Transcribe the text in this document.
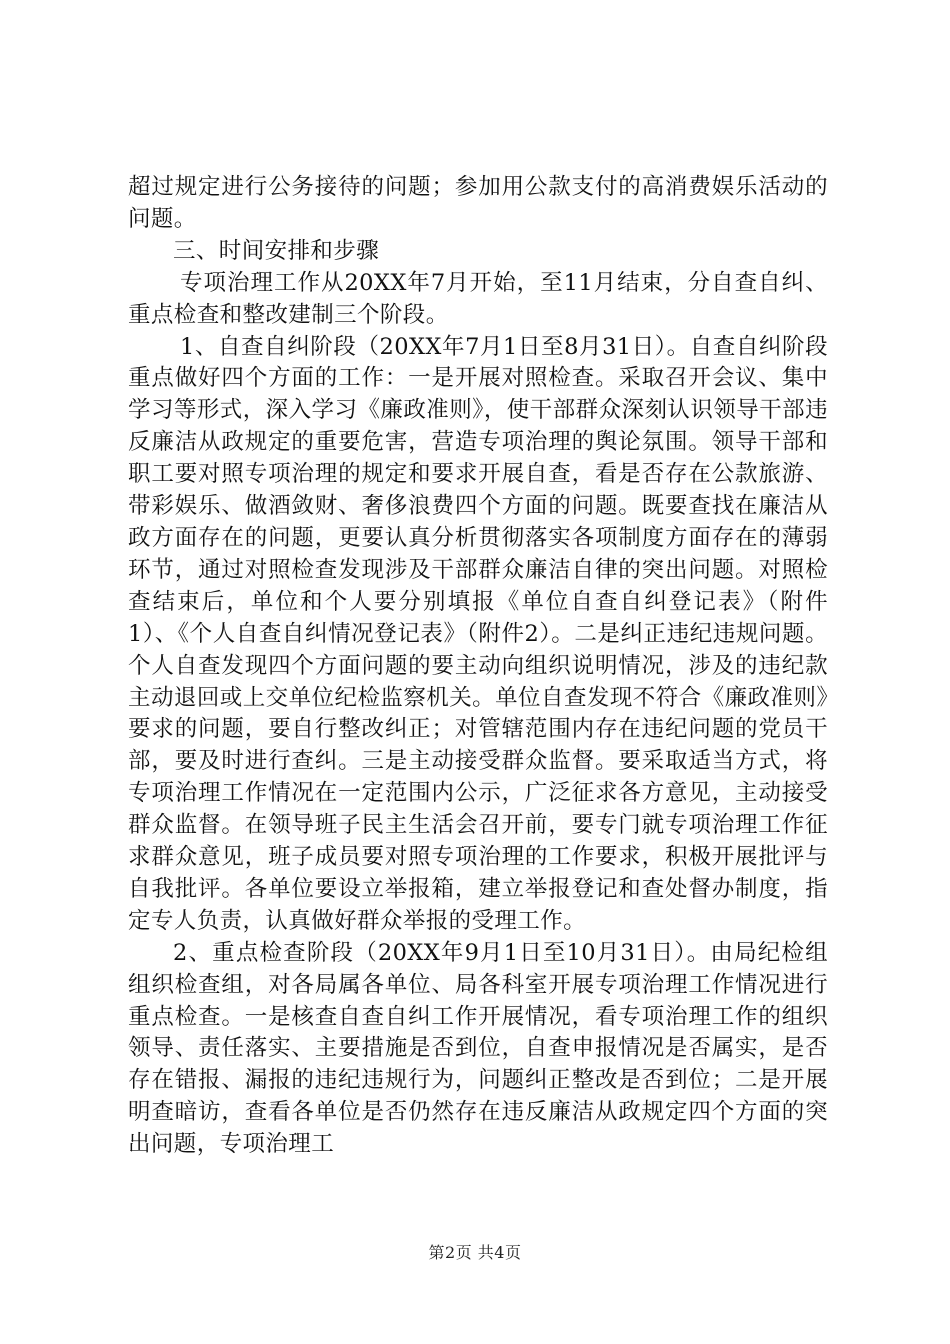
超过规定进行公务接待的问题；参加用公款支付的高消费娱乐活动的问题。

三、时间安排和步骤

专项治理工作从20XX年7月开始，至11月结束，分自查自纠、重点检查和整改建制三个阶段。

1、自查自纠阶段（20XX年7月1日至8月31日）。自查自纠阶段重点做好四个方面的工作：一是开展对照检查。采取召开会议、集中学习等形式，深入学习《廉政准则》，使干部群众深刻认识领导干部违反廉洁从政规定的重要危害，营造专项治理的舆论氛围。领导干部和职工要对照专项治理的规定和要求开展自查，看是否存在公款旅游、带彩娱乐、做酒敛财、奢侈浪费四个方面的问题。既要查找在廉洁从政方面存在的问题，更要认真分析贯彻落实各项制度方面存在的薄弱环节，通过对照检查发现涉及干部群众廉洁自律的突出问题。对照检查结束后，单位和个人要分别填报《单位自查自纠登记表》（附件1）、《个人自查自纠情况登记表》（附件2）。二是纠正违纪违规问题。个人自查发现四个方面问题的要主动向组织说明情况，涉及的违纪款主动退回或上交单位纪检监察机关。单位自查发现不符合《廉政准则》要求的问题，要自行整改纠正；对管辖范围内存在违纪问题的党员干部，要及时进行查纠。三是主动接受群众监督。要采取适当方式，将专项治理工作情况在一定范围内公示，广泛征求各方意见，主动接受群众监督。在领导班子民主生活会召开前，要专门就专项治理工作征求群众意见，班子成员要对照专项治理的工作要求，积极开展批评与自我批评。各单位要设立举报箱，建立举报登记和查处督办制度，指定专人负责，认真做好群众举报的受理工作。

2、重点检查阶段（20XX年9月1日至10月31日）。由局纪检组组织检查组，对各局属各单位、局各科室开展专项治理工作情况进行重点检查。一是核查自查自纠工作开展情况，看专项治理工作的组织领导、责任落实、主要措施是否到位，自查申报情况是否属实，是否存在错报、漏报的违纪违规行为，问题纠正整改是否到位；二是开展明查暗访，查看各单位是否仍然存在违反廉洁从政规定四个方面的突出问题，专项治理工

第2页 共4页
